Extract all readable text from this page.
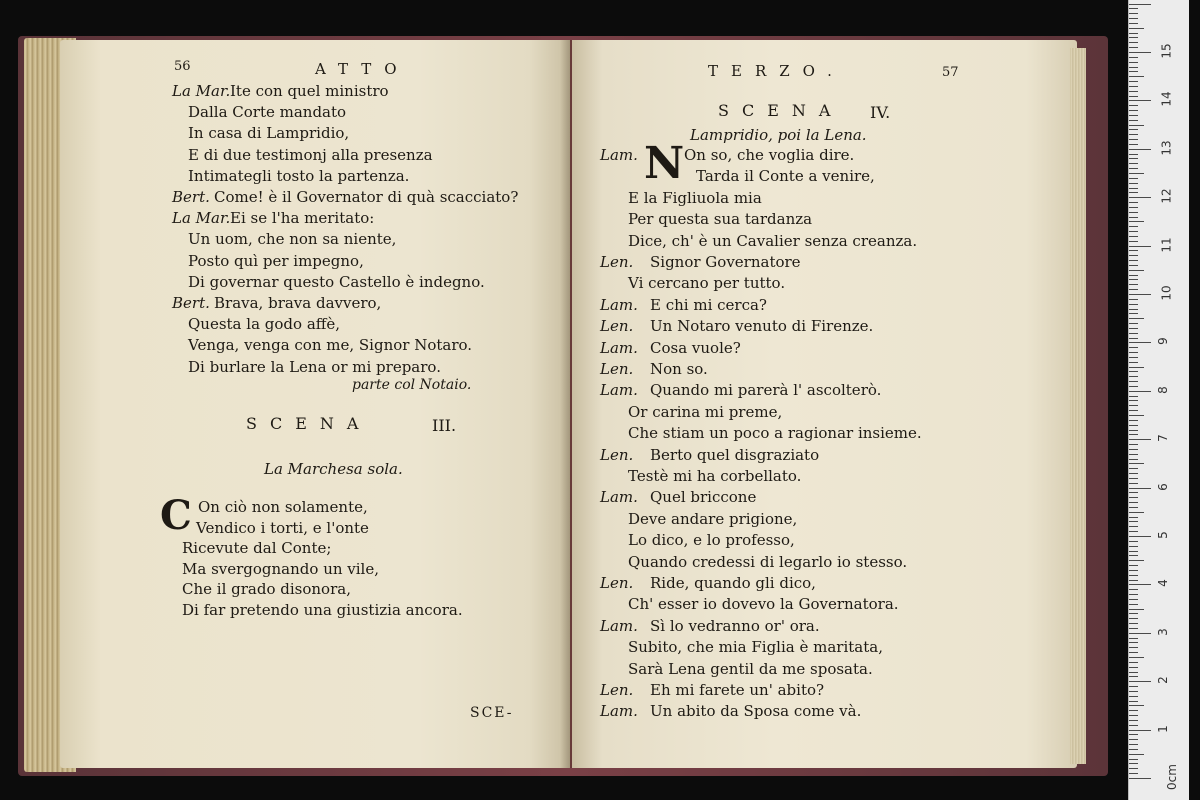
56	ATTO
La Mar. Ite con quel ministro
Dalla Corte mandato
In casa di Lampridio,
E di due testimonj alla presenza
Intimategli tosto la partenza.
Bert. Come! è il Governator di quà scacciato?
La Mar. Ei se l'ha meritato:
Un uom, che non sa niente,
Posto quì per impegno,
Di governar questo Castello è indegno.
Bert. Brava, brava davvero,
Questa la godo affè,
Venga, venga con me, Signor Notaro.
Di burlare la Lena or mi preparo.
parte col Notaio.
SCENA	III.
La Marchesa sola.
C On ciò non solamente,
Vendico i torti, e l'onte
Ricevute dal Conte;
Ma svergognando un vile,
Che il grado disonora,
Di far pretendo una giustizia ancora.
SCE-
TERZO.	57
SCENA IV.
Lampridio, poi la Lena.
N
Lam.	On so, che voglia dire.
Tarda il Conte a venire,
E la Figliuola mia
Per questa sua tardanza
Dice, ch' è un Cavalier senza creanza.
Len. Signor Governatore
Vi cercano per tutto.
Lam. E chi mi cerca?
Len. Un Notaro venuto di Firenze.
Lam. Cosa vuole?
Len. Non so.
Lam. Quando mi parerà l' ascolterò.
Or carina mi preme,
Che stiam un poco a ragionar insieme.
Len. Berto quel disgraziato
Testè mi ha corbellato.
Lam. Quel briccone
Deve andare prigione,
Lo dico, e lo professo,
Quando credessi di legarlo io stesso.
Len. Ride, quando gli dico,
Ch' esser io dovevo la Governatora.
Lam. Sì lo vedranno or' ora.
Subito, che mia Figlia è maritata,
Sarà Lena gentil da me sposata.
Len. Eh mi farete un' abito?
Lam. Un abito da Sposa come và.
0cm
1
2
3
4
5
6
7
8
9
10
11
12
13
14
15
